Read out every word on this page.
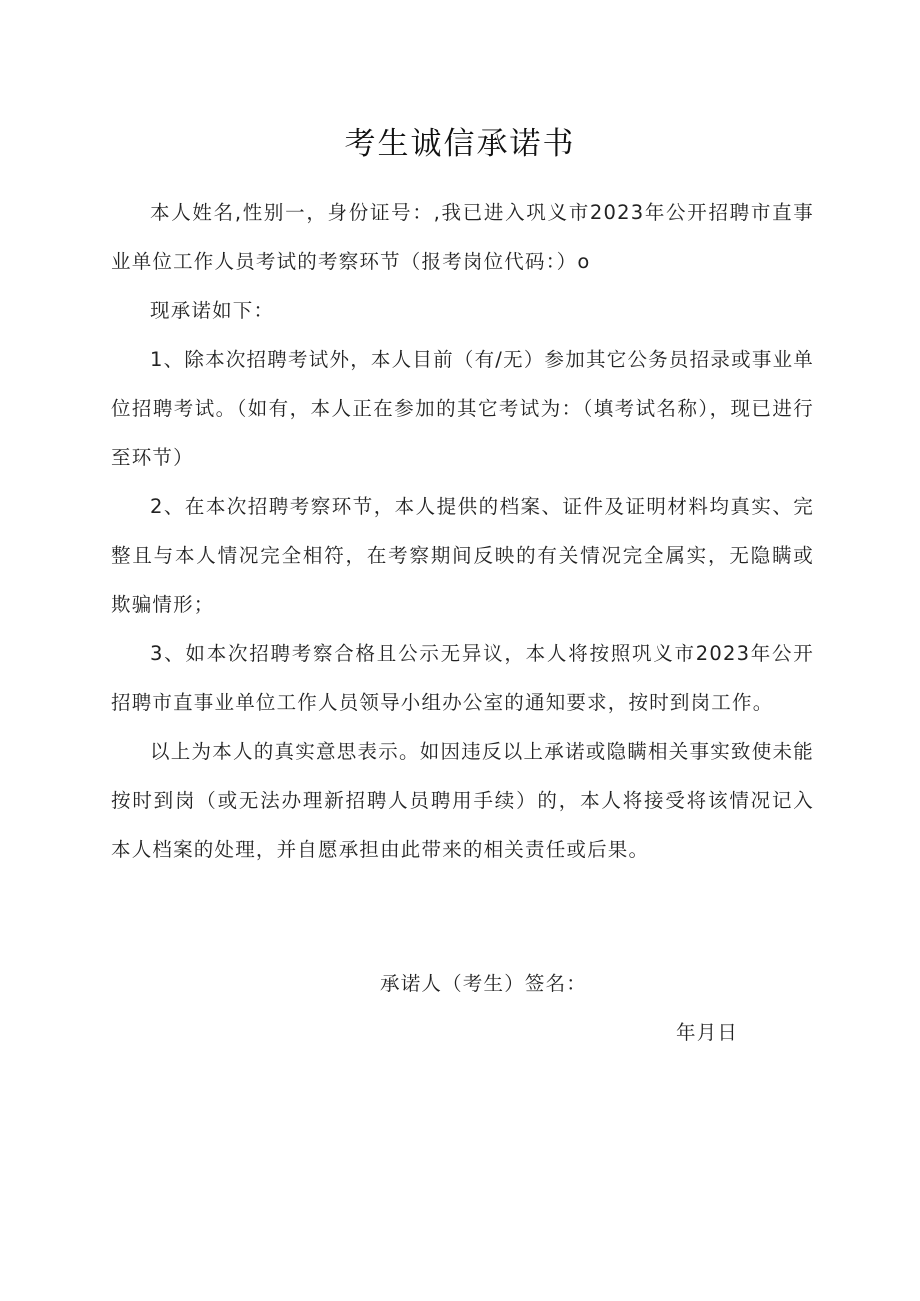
考生诚信承诺书

本人姓名,性别一，身份证号：,我已进入巩义市2023年公开招聘市直事业单位工作人员考试的考察环节（报考岗位代码：）o

现承诺如下：

1、除本次招聘考试外，本人目前（有/无）参加其它公务员招录或事业单位招聘考试。（如有，本人正在参加的其它考试为：（填考试名称），现已进行至环节）

2、在本次招聘考察环节，本人提供的档案、证件及证明材料均真实、完整且与本人情况完全相符，在考察期间反映的有关情况完全属实，无隐瞒或欺骗情形；

3、如本次招聘考察合格且公示无异议，本人将按照巩义市2023年公开招聘市直事业单位工作人员领导小组办公室的通知要求，按时到岗工作。

以上为本人的真实意思表示。如因违反以上承诺或隐瞒相关事实致使未能按时到岗（或无法办理新招聘人员聘用手续）的，本人将接受将该情况记入本人档案的处理，并自愿承担由此带来的相关责任或后果。

承诺人（考生）签名：
年月日
